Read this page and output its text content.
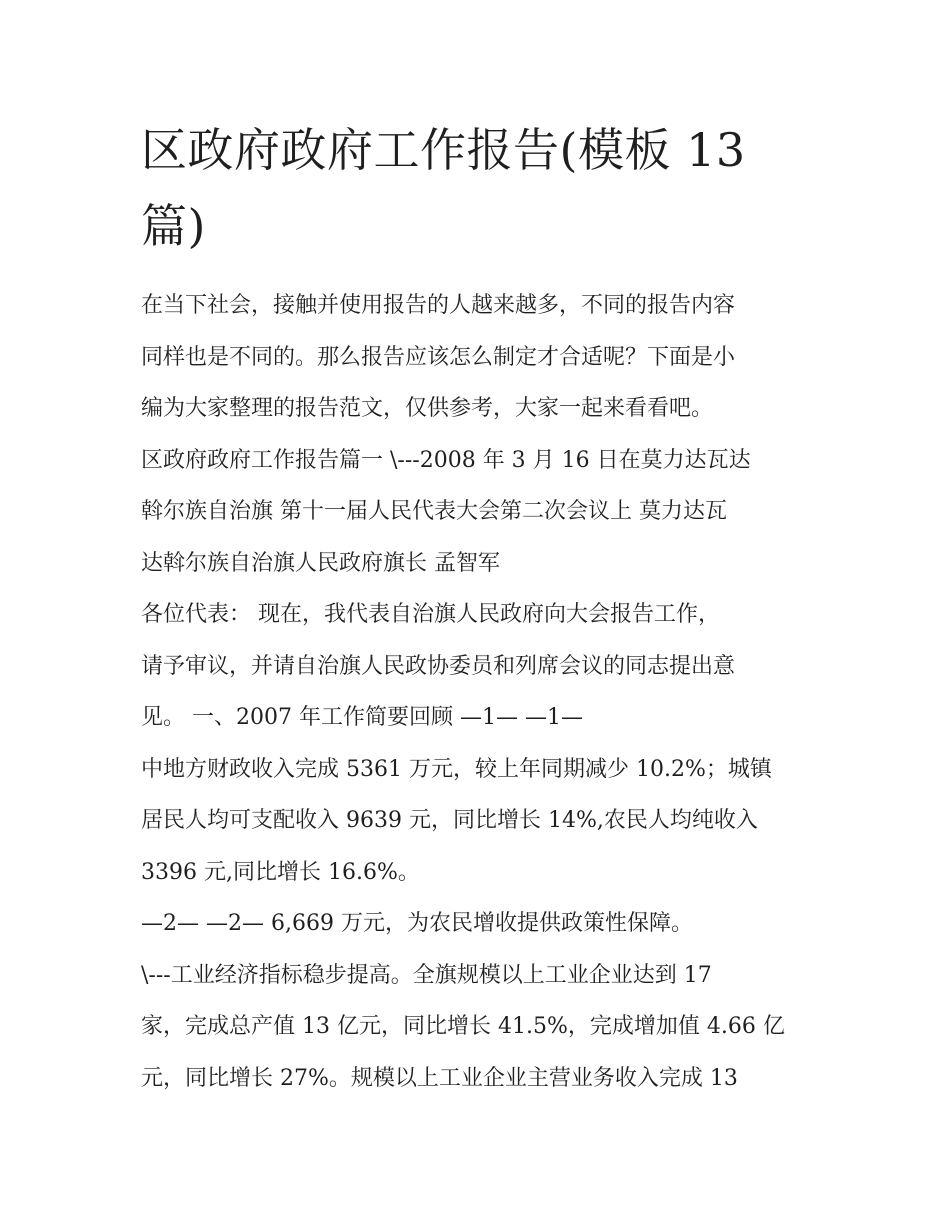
区政府政府工作报告(模板 13
篇)

在当下社会，接触并使用报告的人越来越多，不同的报告内容
同样也是不同的。那么报告应该怎么制定才合适呢？下面是小
编为大家整理的报告范文，仅供参考，大家一起来看看吧。

区政府政府工作报告篇一 \---2008 年 3 月 16 日在莫力达瓦达
斡尔族自治旗 第十一届人民代表大会第二次会议上 莫力达瓦
达斡尔族自治旗人民政府旗长 孟智军

各位代表： 现在，我代表自治旗人民政府向大会报告工作，
请予审议，并请自治旗人民政协委员和列席会议的同志提出意
见。 一、2007 年工作简要回顾 —1— —1—

中地方财政收入完成 5361 万元，较上年同期减少 10.2%；城镇
居民人均可支配收入 9639 元，同比增长 14%,农民人均纯收入
3396 元,同比增长 16.6%。

—2— —2— 6,669 万元，为农民增收提供政策性保障。

\---工业经济指标稳步提高。全旗规模以上工业企业达到 17
家，完成总产值 13 亿元，同比增长 41.5%，完成增加值 4.66 亿
元，同比增长 27%。规模以上工业企业主营业务收入完成 13
